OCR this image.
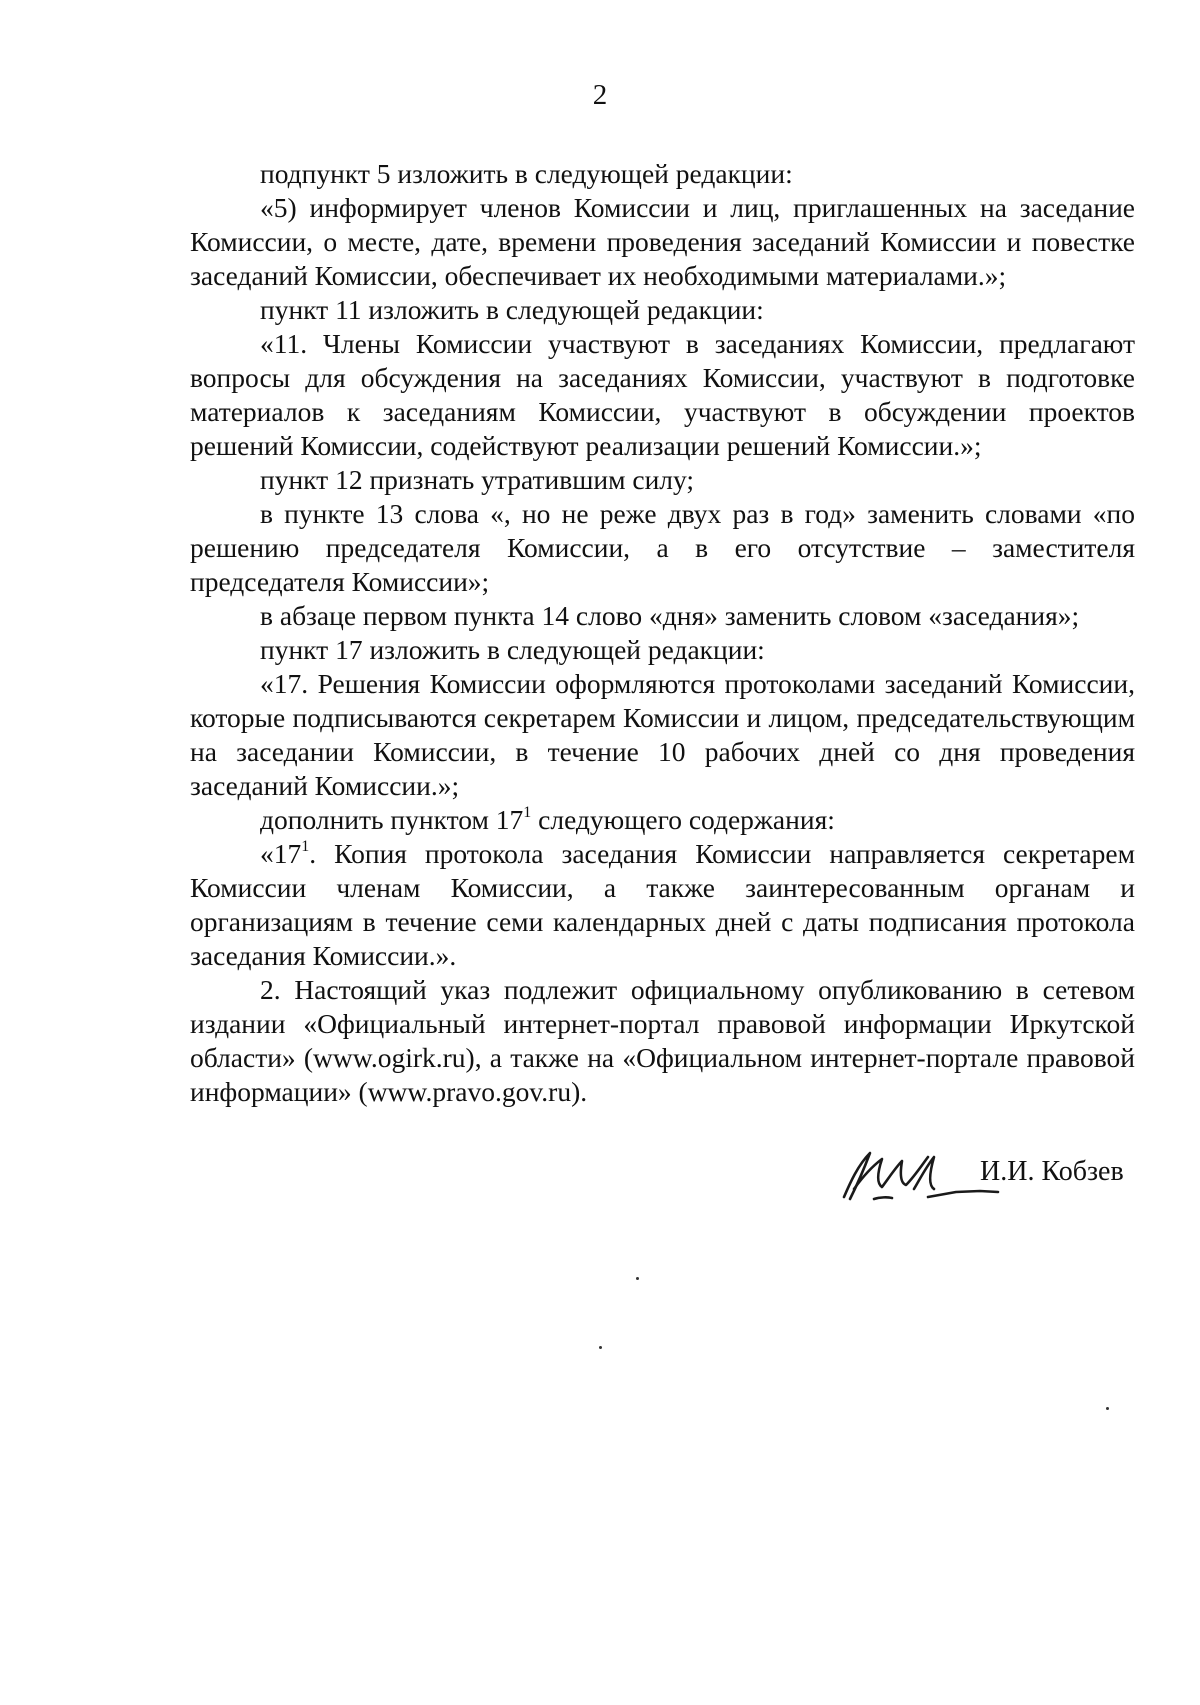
2

подпункт 5 изложить в следующей редакции:

«5) информирует членов Комиссии и лиц, приглашенных на заседание Комиссии, о месте, дате, времени проведения заседаний Комиссии и повестке заседаний Комиссии, обеспечивает их необходимыми материалами.»;

пункт 11 изложить в следующей редакции:

«11. Члены Комиссии участвуют в заседаниях Комиссии, предлагают вопросы для обсуждения на заседаниях Комиссии, участвуют в подготовке материалов к заседаниям Комиссии, участвуют в обсуждении проектов решений Комиссии, содействуют реализации решений Комиссии.»;

пункт 12 признать утратившим силу;

в пункте 13 слова «, но не реже двух раз в год» заменить словами «по решению председателя Комиссии, а в его отсутствие – заместителя председателя Комиссии»;

в абзаце первом пункта 14 слово «дня» заменить словом «заседания»;

пункт 17 изложить в следующей редакции:

«17. Решения Комиссии оформляются протоколами заседаний Комиссии, которые подписываются секретарем Комиссии и лицом, председательствующим на заседании Комиссии, в течение 10 рабочих дней со дня проведения заседаний Комиссии.»;

дополнить пунктом $17^1$ следующего содержания:

«$17^1$. Копия протокола заседания Комиссии направляется секретарем Комиссии членам Комиссии, а также заинтересованным органам и организациям в течение семи календарных дней с даты подписания протокола заседания Комиссии.».

2. Настоящий указ подлежит официальному опубликованию в сетевом издании «Официальный интернет-портал правовой информации Иркутской области» (www.ogirk.ru), а также на «Официальном интернет-портале правовой информации» (www.pravo.gov.ru).

И.И. Кобзев
